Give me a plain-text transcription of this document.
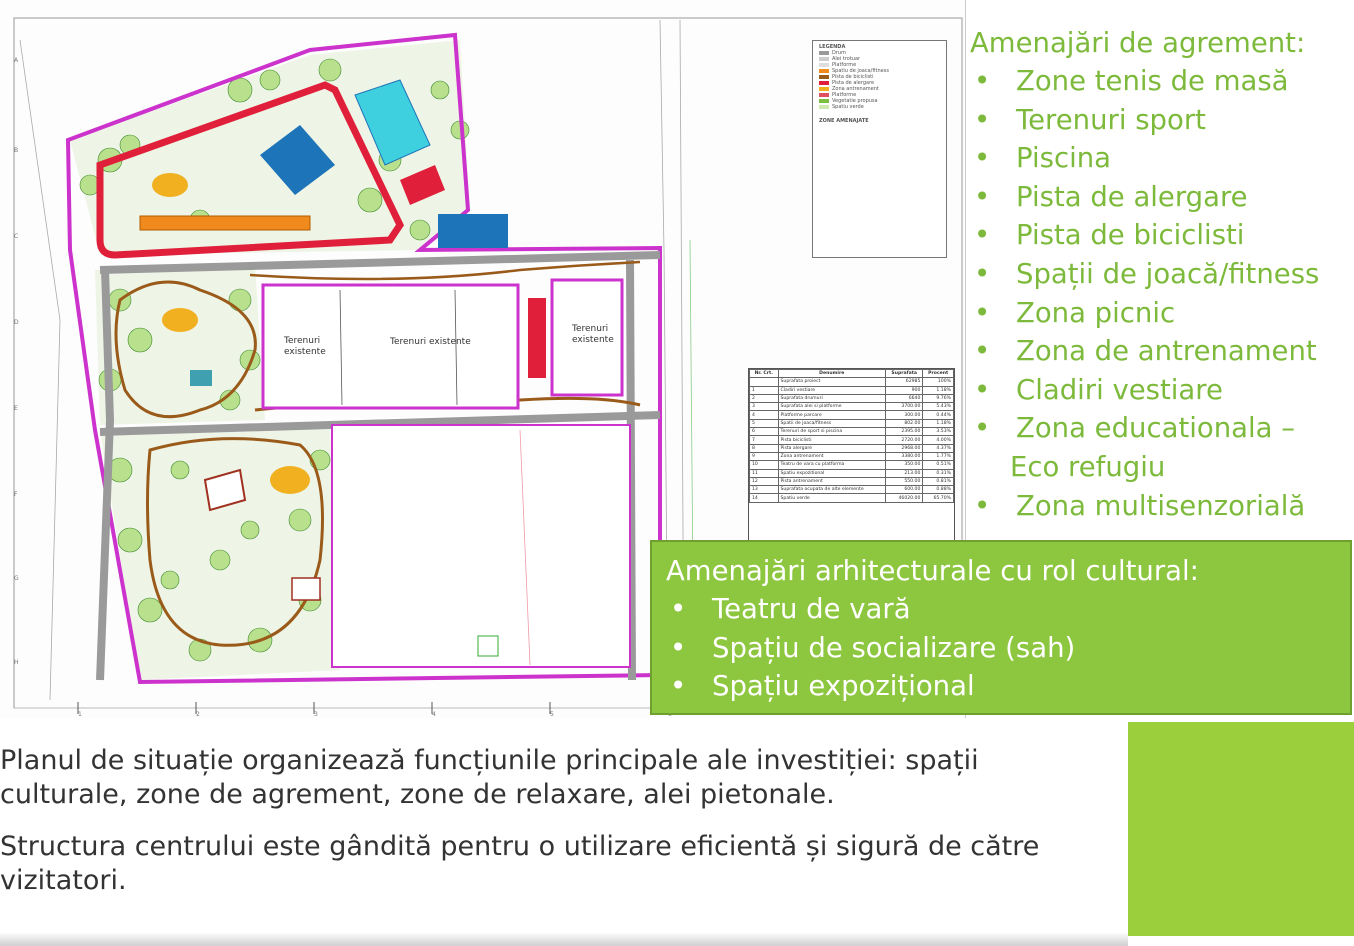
A
B
C
D
E
F
G
H
1	2	3	4	5
Terenuri
existente
Terenuri existente
Terenuri
existente
LEGENDA
Drum
Alei trotuar
Platforme
Spatiu de joaca/fitness
Pista de biciclisti
Pista de alergare
Zona antrenament
Platforme
Vegetatie propusa
Spatiu verde
ZONE AMENAJATE
Nr. Crt.	Denumire	Suprafata	Procent
	Suprafata proiect	62985	100%
1	Cladiri vestiare	900	1.18%
2	Suprafata drumuri	6640	9.76%
3	Suprafata alei si platforme	3700.00	5.43%
4	Platforme parcare	300.00	0.44%
5	Spatii de joaca/fitness	802.00	1.18%
6	Terenuri de sport si piscina	2395.00	3.53%
7	Pista biciclisti	2720.00	4.00%
8	Pista alergare	2968.00	4.37%
9	Zona antrenament	3380.00	1.77%
10	Teatru de vara cu platforma	350.00	0.51%
11	Spatiu expozitional	213.00	0.31%
12	Pista antrenament	550.00	0.81%
13	Suprafata ocupata de alte elemente	600.00	0.88%
14	Spatiu verde	46020.00	65.70%
Amenajări de agrement:
• Zone tenis de masă
• Terenuri sport
• Piscina
• Pista de alergare
• Pista de biciclisti
• Spații de joacă/fitness
• Zona picnic
• Zona de antrenament
• Cladiri vestiare
• Zona educationala –
Eco refugiu
• Zona multisenzorială
Amenajări arhitecturale cu rol cultural:
• Teatru de vară
• Spațiu de socializare (sah)
• Spațiu expozițional

Planul de situație organizează funcțiunile principale ale investiției: spații culturale, zone de agrement, zone de relaxare, alei pietonale.

Structura centrului este gândită pentru o utilizare eficientă și sigură de către vizitatori.
